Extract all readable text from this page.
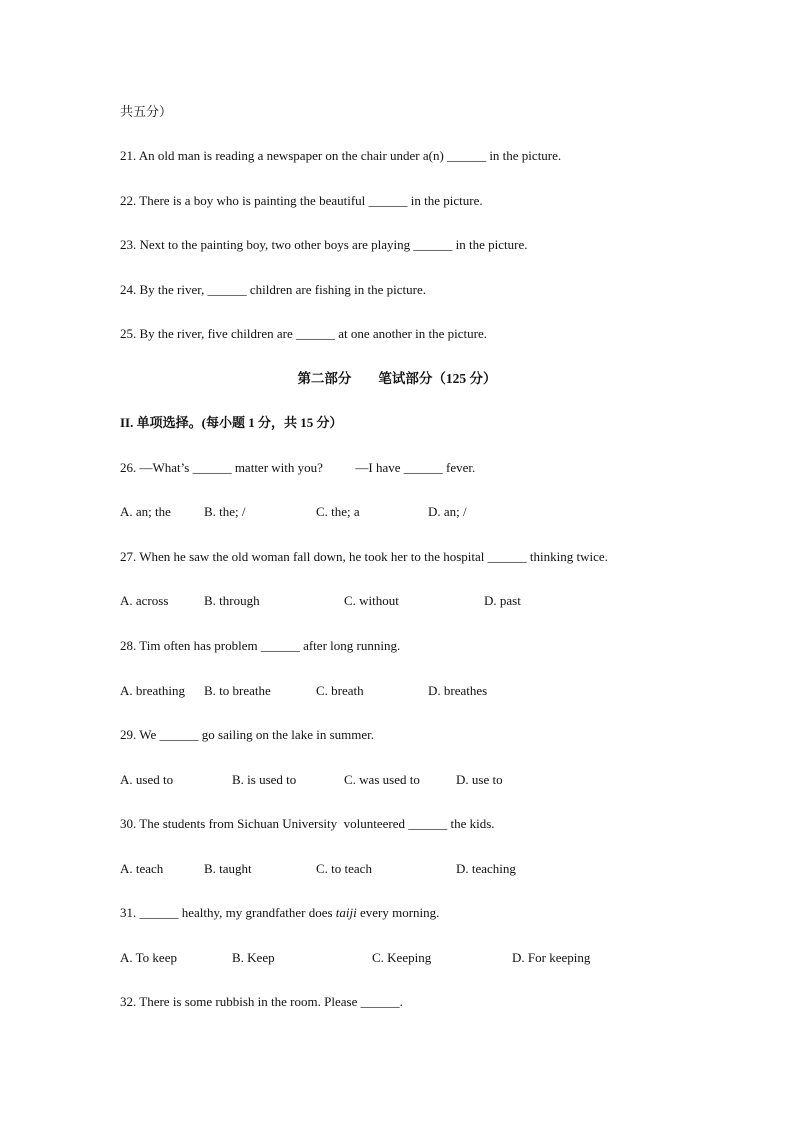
共五分）
21. An old man is reading a newspaper on the chair under a(n) ______ in the picture.
22. There is a boy who is painting the beautiful ______ in the picture.
23. Next to the painting boy, two other boys are playing ______ in the picture.
24. By the river, ______ children are fishing in the picture.
25. By the river, five children are ______ at one another in the picture.
第二部分　　笔试部分（125 分）
II. 单项选择。(每小题 1 分，共 15 分）
26. —What’s ______ matter with you?          —I have ______ fever.
A. an; the	B. the; /	C. the; a	D. an; /
27. When he saw the old woman fall down, he took her to the hospital ______ thinking twice.
A. across	B. through	C. without	D. past
28. Tim often has problem ______ after long running.
A. breathing B. to breathe	C. breath	D. breathes
29. We ______ go sailing on the lake in summer.
A. used to	B. is used to	C. was used to	D. use to
30. The students from Sichuan University  volunteered ______ the kids.
A. teach	B. taught	C. to teach	D. teaching
31. ______ healthy, my grandfather does taiji every morning.
A. To keep	B. Keep	C. Keeping	D. For keeping
32. There is some rubbish in the room. Please ______.
